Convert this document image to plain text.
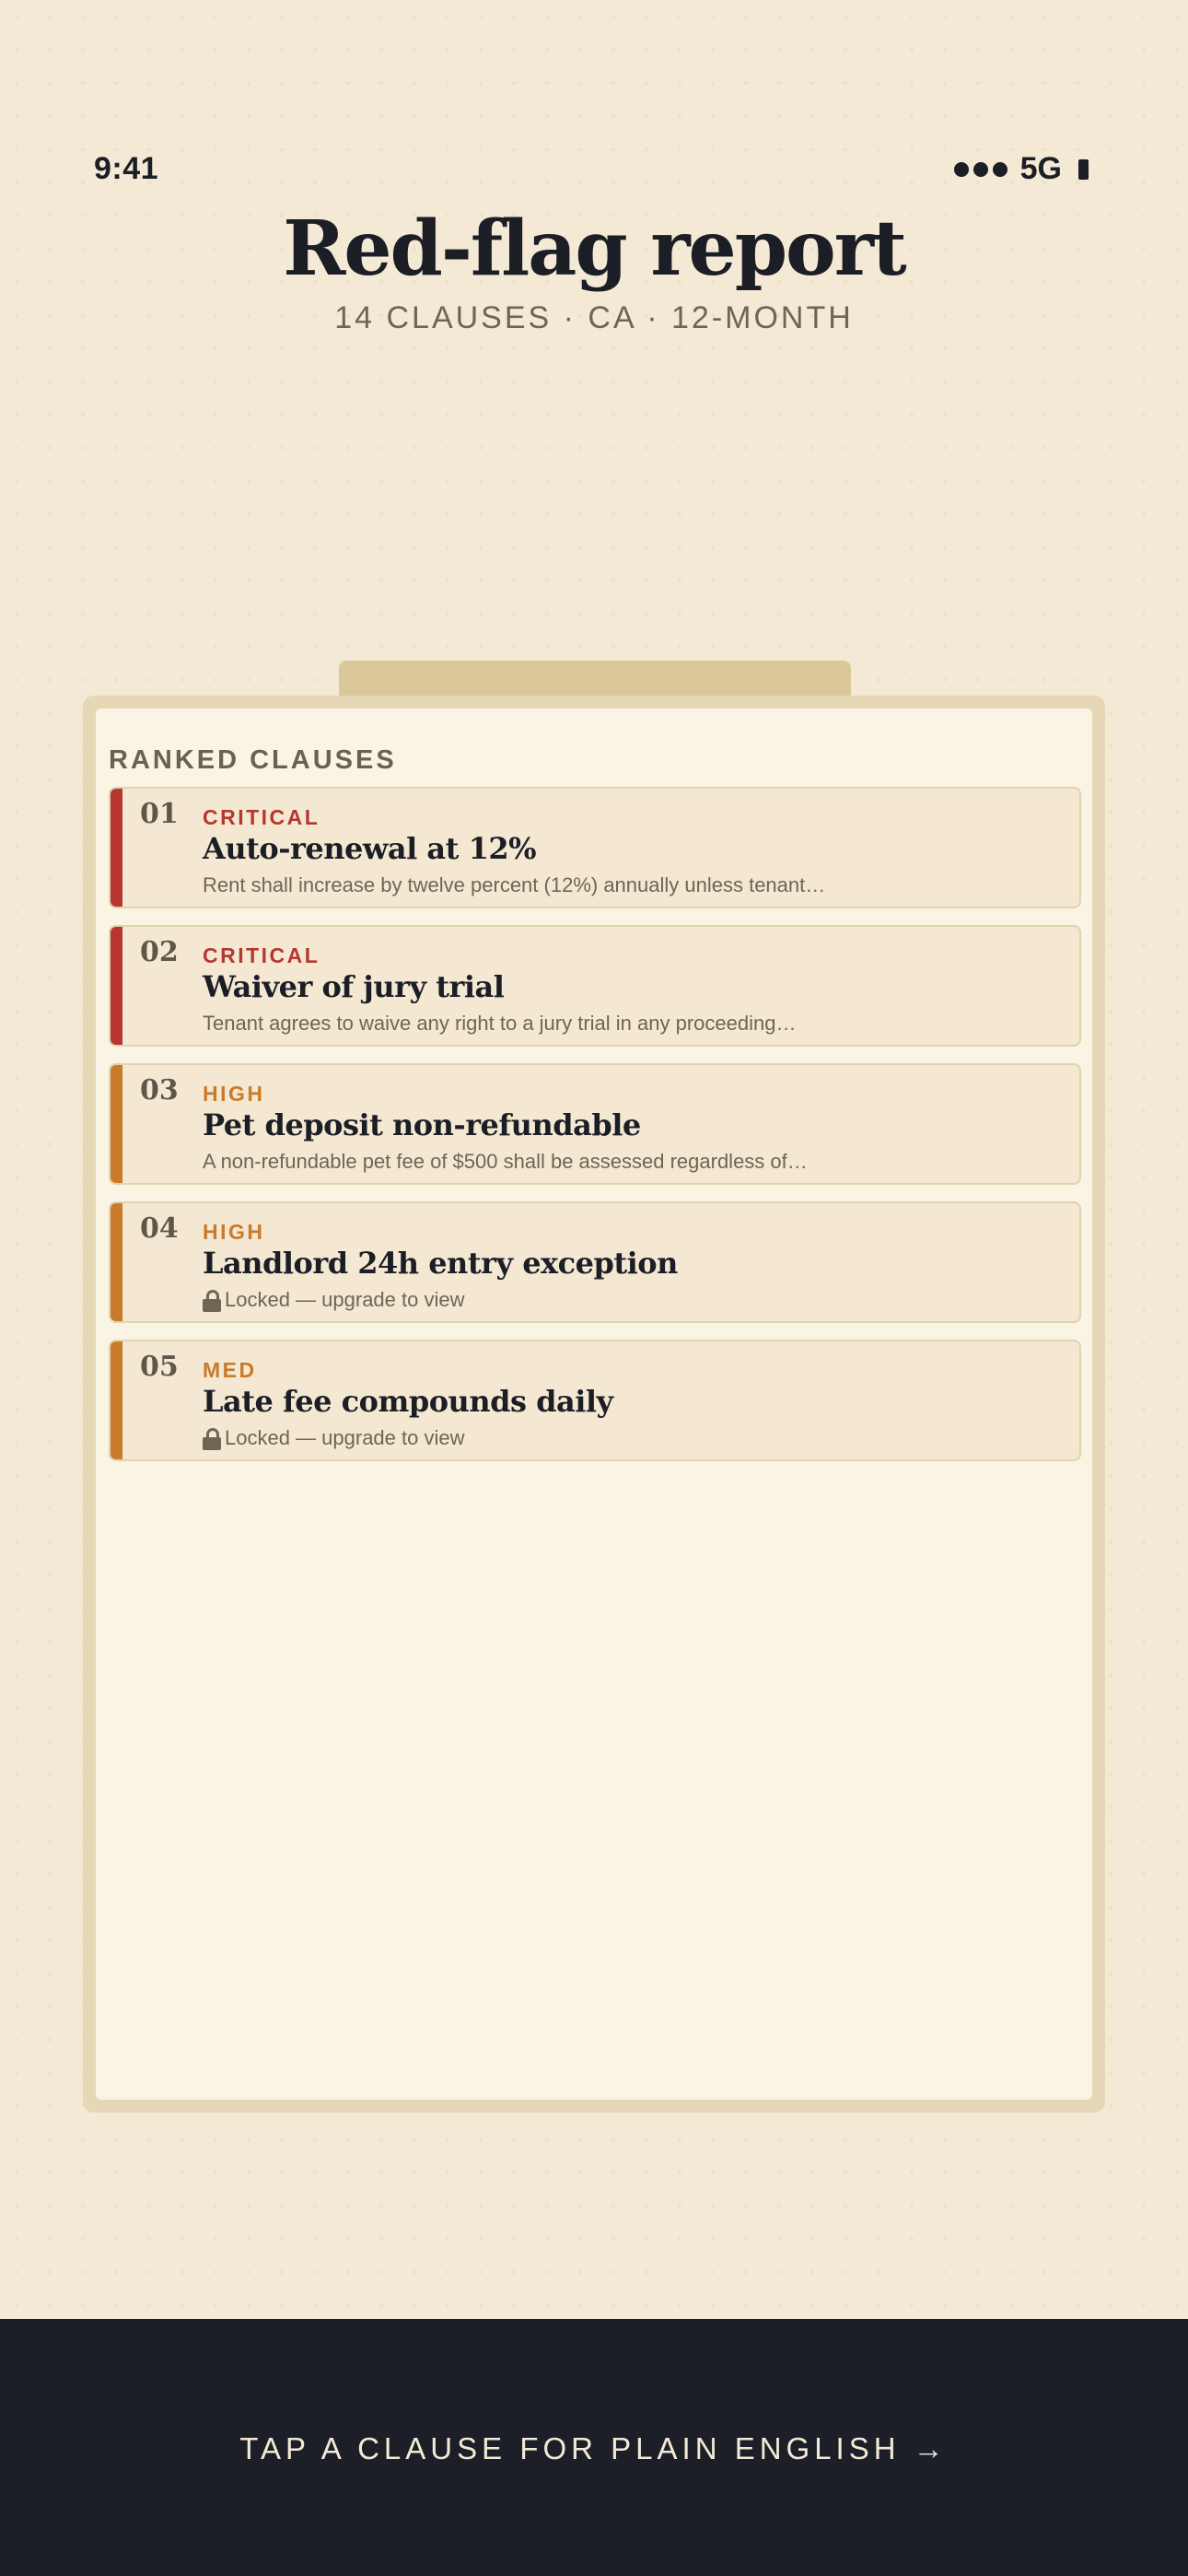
9:41	5G
Red-flag report
14 CLAUSES · CA · 12-MONTH
RANKED CLAUSES
01 CRITICAL
Auto-renewal at 12%
Rent shall increase by twelve percent (12%) annually unless tenant…
02 CRITICAL
Waiver of jury trial
Tenant agrees to waive any right to a jury trial in any proceeding…
03 HIGH
Pet deposit non-refundable
A non-refundable pet fee of $500 shall be assessed regardless of…
04 HIGH
Landlord 24h entry exception
Locked — upgrade to view
05 MED
Late fee compounds daily
Locked — upgrade to view
TAP A CLAUSE FOR PLAIN ENGLISH →
